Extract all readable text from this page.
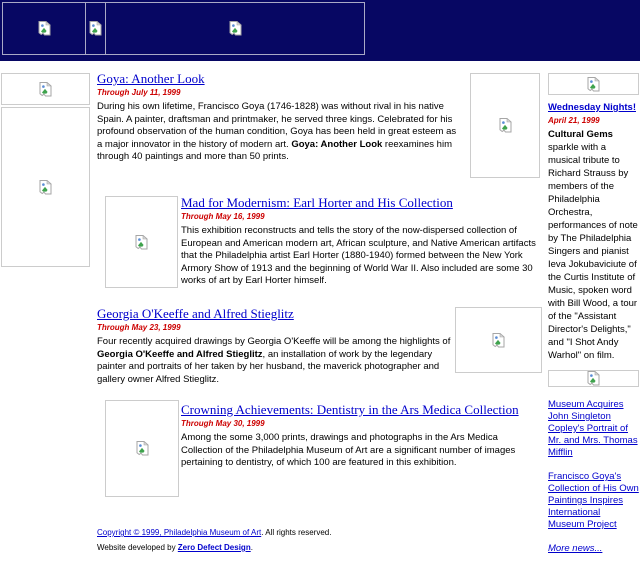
Goya: Another Look
Through July 11, 1999
During his own lifetime, Francisco Goya (1746-1828) was without rival in his native Spain. A painter, draftsman and printmaker, he served three kings. Celebrated for his profound observation of the human condition, Goya has been held in great esteem as a major innovator in the history of modern art. Goya: Another Look reexamines him through 40 paintings and more than 50 prints.
Mad for Modernism: Earl Horter and His Collection
Through May 16, 1999
This exhibition reconstructs and tells the story of the now-dispersed collection of European and American modern art, African sculpture, and Native American artifacts that the Philadelphia artist Earl Horter (1880-1940) formed between the New York Armory Show of 1913 and the beginning of World War II. Also included are some 30 works of art by Earl Horter himself.
Georgia O'Keeffe and Alfred Stieglitz
Through May 23, 1999
Four recently acquired drawings by Georgia O'Keeffe will be among the highlights of Georgia O'Keeffe and Alfred Stieglitz, an installation of work by the legendary painter and portraits of her taken by her husband, the maverick photographer and gallery owner Alfred Stieglitz.
Crowning Achievements: Dentistry in the Ars Medica Collection
Through May 30, 1999
Among the some 3,000 prints, drawings and photographs in the Ars Medica Collection of the Philadelphia Museum of Art are a significant number of images pertaining to dentistry, of which 100 are featured in this exhibition.
Wednesday Nights!
April 21, 1999
Cultural Gems sparkle with a musical tribute to Richard Strauss by members of the Philadelphia Orchestra, performances of note by The Philadelphia Singers and pianist Ieva Jokubaviciute of the Curtis Institute of Music, spoken word with Bill Wood, a tour of the "Assistant Director's Delights," and "I Shot Andy Warhol" on film.
Museum Acquires John Singleton Copley's Portrait of Mr. and Mrs. Thomas Mifflin
Francisco Goya's Collection of His Own Paintings Inspires International Museum Project
More news...
Copyright © 1999, Philadelphia Museum of Art. All rights reserved.
Website developed by Zero Defect Design.
